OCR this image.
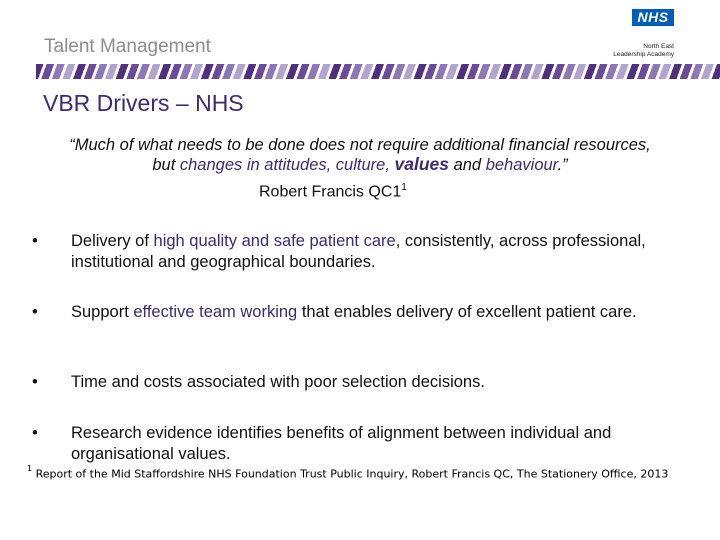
Talent Management
NHS
North East
Leadership Academy
VBR Drivers – NHS
“Much of what needs to be done does not require additional financial resources, but changes in attitudes, culture, values and behaviour.”
Robert Francis $QC1^1$
• Delivery of high quality and safe patient care, consistently, across professional, institutional and geographical boundaries.
• Support effective team working that enables delivery of excellent patient care.
• Time and costs associated with poor selection decisions.
• Research evidence identifies benefits of alignment between individual and organisational values.
$^1$ Report of the Mid Staffordshire NHS Foundation Trust Public Inquiry, Robert Francis QC, The Stationery Office, 2013
